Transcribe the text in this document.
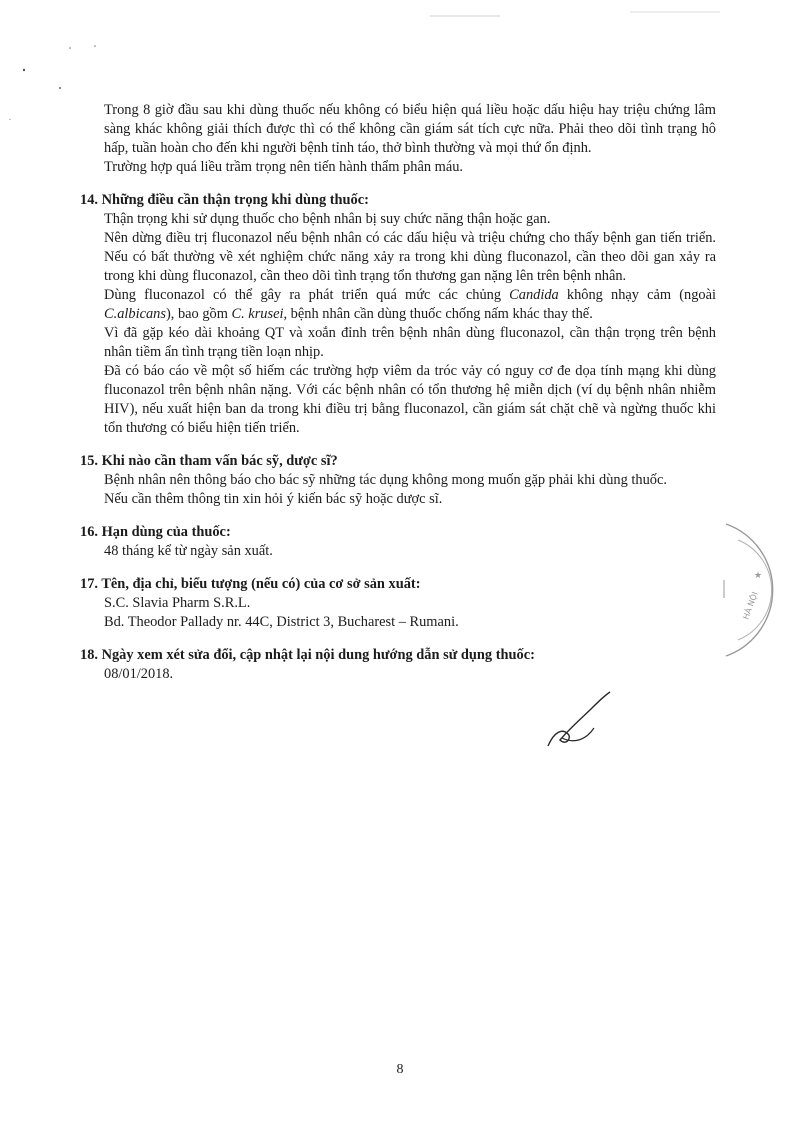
Trong 8 giờ đầu sau khi dùng thuốc nếu không có biểu hiện quá liều hoặc dấu hiệu hay triệu chứng lâm sàng khác không giải thích được thì có thể không cần giám sát tích cực nữa. Phải theo dõi tình trạng hô hấp, tuần hoàn cho đến khi người bệnh tỉnh táo, thở bình thường và mọi thứ ổn định.

Trường hợp quá liều trầm trọng nên tiến hành thẩm phân máu.

14. Những điều cần thận trọng khi dùng thuốc:

Thận trọng khi sử dụng thuốc cho bệnh nhân bị suy chức năng thận hoặc gan.

Nên dừng điều trị fluconazol nếu bệnh nhân có các dấu hiệu và triệu chứng cho thấy bệnh gan tiến triển. Nếu có bất thường về xét nghiệm chức năng xảy ra trong khi dùng fluconazol, cần theo dõi gan xảy ra trong khi dùng fluconazol, cần theo dõi tình trạng tổn thương gan nặng lên trên bệnh nhân.

Dùng fluconazol có thể gây ra phát triển quá mức các chủng Candida không nhạy cảm (ngoài C.albicans), bao gồm C. krusei, bệnh nhân cần dùng thuốc chống nấm khác thay thế.

Vì đã gặp kéo dài khoảng QT và xoắn đỉnh trên bệnh nhân dùng fluconazol, cần thận trọng trên bệnh nhân tiềm ẩn tình trạng tiền loạn nhịp.

Đã có báo cáo về một số hiếm các trường hợp viêm da tróc vảy có nguy cơ đe dọa tính mạng khi dùng fluconazol trên bệnh nhân nặng. Với các bệnh nhân có tổn thương hệ miễn dịch (ví dụ bệnh nhân nhiễm HIV), nếu xuất hiện ban da trong khi điều trị bằng fluconazol, cần giám sát chặt chẽ và ngừng thuốc khi tổn thương có biểu hiện tiến triển.

15. Khi nào cần tham vấn bác sỹ, dược sĩ?

Bệnh nhân nên thông báo cho bác sỹ những tác dụng không mong muốn gặp phải khi dùng thuốc.

Nếu cần thêm thông tin xin hỏi ý kiến bác sỹ hoặc dược sĩ.

16. Hạn dùng của thuốc:

48 tháng kể từ ngày sản xuất.

17. Tên, địa chỉ, biểu tượng (nếu có) của cơ sở sản xuất:

S.C. Slavia Pharm S.R.L.

Bd. Theodor Pallady nr. 44C, District 3, Bucharest – Rumani.

18. Ngày xem xét sửa đổi, cập nhật lại nội dung hướng dẫn sử dụng thuốc:

08/01/2018.

★
HÀ NỘI
8
